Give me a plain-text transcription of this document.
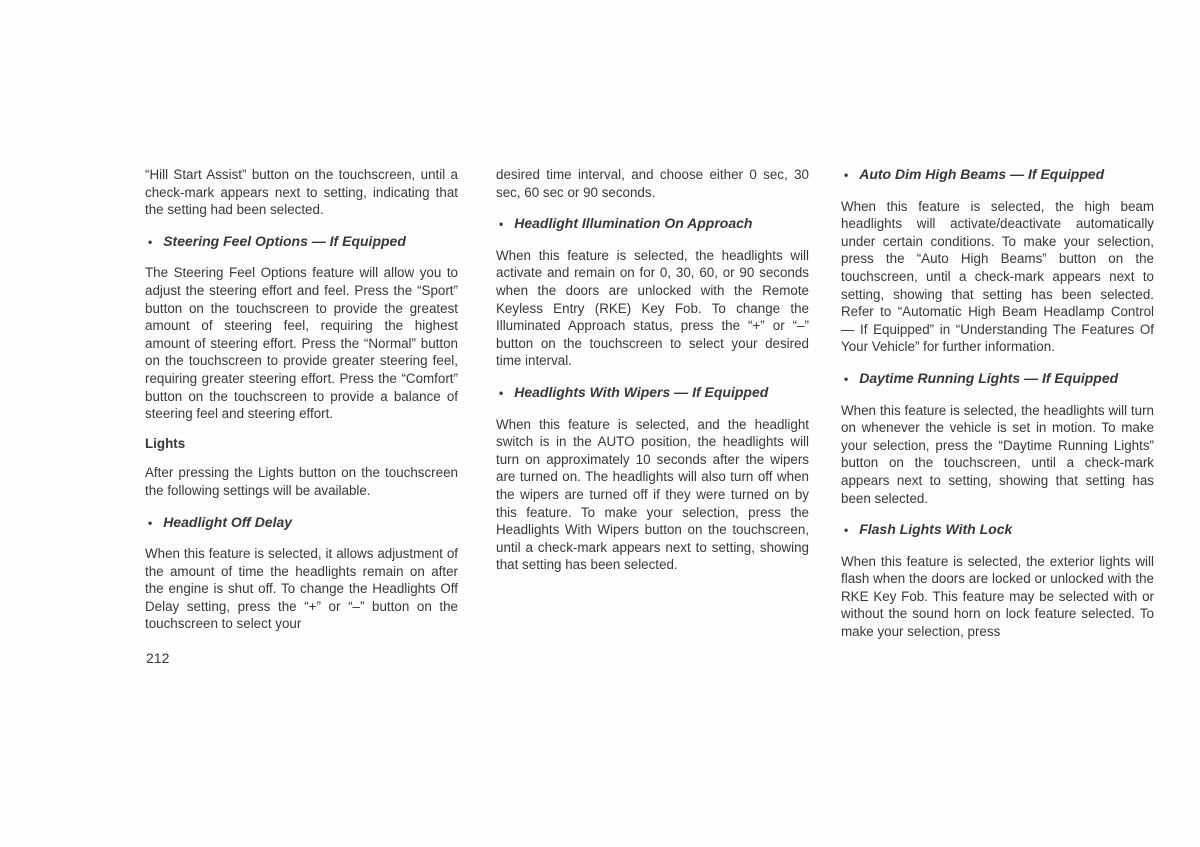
“Hill Start Assist” button on the touchscreen, until a check-mark appears next to setting, indicating that the setting had been selected.

• Steering Feel Options — If Equipped

The Steering Feel Options feature will allow you to adjust the steering effort and feel. Press the “Sport” button on the touchscreen to provide the greatest amount of steering feel, requiring the highest amount of steering effort. Press the “Normal” button on the touchscreen to provide greater steering feel, requiring greater steering effort. Press the “Comfort” button on the touchscreen to provide a balance of steering feel and steering effort.

Lights

After pressing the Lights button on the touchscreen the following settings will be available.

• Headlight Off Delay

When this feature is selected, it allows adjustment of the amount of time the headlights remain on after the engine is shut off. To change the Headlights Off Delay setting, press the “+” or “–” button on the touchscreen to select your

desired time interval, and choose either 0 sec, 30 sec, 60 sec or 90 seconds.

• Headlight Illumination On Approach

When this feature is selected, the headlights will activate and remain on for 0, 30, 60, or 90 seconds when the doors are unlocked with the Remote Keyless Entry (RKE) Key Fob. To change the Illuminated Approach status, press the “+” or “–” button on the touchscreen to select your desired time interval.

• Headlights With Wipers — If Equipped

When this feature is selected, and the headlight switch is in the AUTO position, the headlights will turn on approximately 10 seconds after the wipers are turned on. The headlights will also turn off when the wipers are turned off if they were turned on by this feature. To make your selection, press the Headlights With Wipers button on the touchscreen, until a check-mark appears next to setting, showing that setting has been selected.

• Auto Dim High Beams — If Equipped

When this feature is selected, the high beam headlights will activate/deactivate automatically under certain conditions. To make your selection, press the “Auto High Beams” button on the touchscreen, until a check-mark appears next to setting, showing that setting has been selected. Refer to “Automatic High Beam Headlamp Control — If Equipped” in “Understanding The Features Of Your Vehicle” for further information.

• Daytime Running Lights — If Equipped

When this feature is selected, the headlights will turn on whenever the vehicle is set in motion. To make your selection, press the “Daytime Running Lights” button on the touchscreen, until a check-mark appears next to setting, showing that setting has been selected.

• Flash Lights With Lock

When this feature is selected, the exterior lights will flash when the doors are locked or unlocked with the RKE Key Fob. This feature may be selected with or without the sound horn on lock feature selected. To make your selection, press

212
